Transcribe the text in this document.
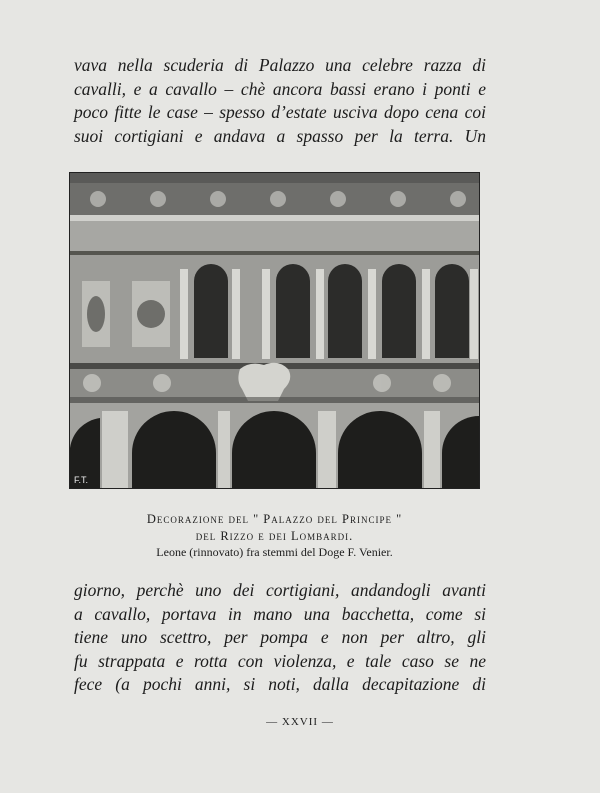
vava nella scuderia di Palazzo una celebre razza di
cavalli, e a cavallo – chè ancora bassi erano i ponti e
poco fitte le case – spesso d’estate usciva dopo cena coi
suoi cortigiani e andava a spasso per la terra. Un
F.T.
Decorazione del " Palazzo del Principe "
del Rizzo e dei Lombardi.
Leone (rinnovato) fra stemmi del Doge F. Venier.
giorno, perchè uno dei cortigiani, andandogli avanti
a cavallo, portava in mano una bacchetta, come si
tiene uno scettro, per pompa e non per altro, gli
fu strappata e rotta con violenza, e tale caso se ne
fece (a pochi anni, si noti, dalla decapitazione di
— XXVII —
